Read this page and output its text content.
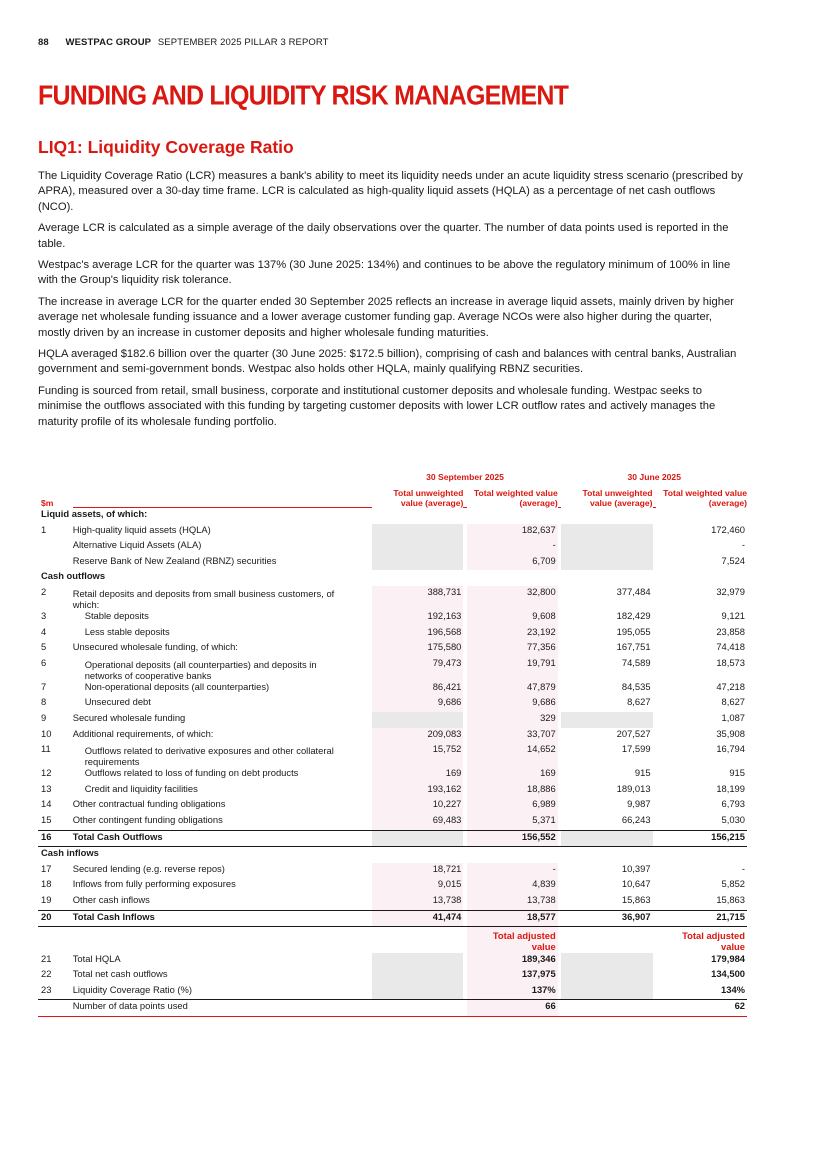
88 WESTPAC GROUP SEPTEMBER 2025 PILLAR 3 REPORT
FUNDING AND LIQUIDITY RISK MANAGEMENT
LIQ1: Liquidity Coverage Ratio

The Liquidity Coverage Ratio (LCR) measures a bank's ability to meet its liquidity needs under an acute liquidity stress scenario (prescribed by APRA), measured over a 30-day time frame. LCR is calculated as high-quality liquid assets (HQLA) as a percentage of net cash outflows (NCO).

Average LCR is calculated as a simple average of the daily observations over the quarter. The number of data points used is reported in the table.

Westpac's average LCR for the quarter was 137% (30 June 2025: 134%) and continues to be above the regulatory minimum of 100% in line with the Group's liquidity risk tolerance.

The increase in average LCR for the quarter ended 30 September 2025 reflects an increase in average liquid assets, mainly driven by higher average net wholesale funding issuance and a lower average customer funding gap. Average NCOs were also higher during the quarter, mostly driven by an increase in customer deposits and higher wholesale funding maturities.

HQLA averaged $182.6 billion over the quarter (30 June 2025: $172.5 billion), comprising of cash and balances with central banks, Australian government and semi-government bonds. Westpac also holds other HQLA, mainly qualifying RBNZ securities.

Funding is sourced from retail, small business, corporate and institutional customer deposits and wholesale funding. Westpac seeks to minimise the outflows associated with this funding by targeting customer deposits with lower LCR outflow rates and actively manages the maturity profile of its wholesale funding portfolio.

			30 September 2025				30 June 2025		
$m			Total unweighted value (average)		Total weighted value (average)		Total unweighted value (average)		Total weighted value (average)
Liquid assets, of which:									
1	High-quality liquid assets (HQLA)				182,637				172,460
	Alternative Liquid Assets (ALA)				-				-
	Reserve Bank of New Zealand (RBNZ) securities				6,709				7,524
Cash outflows									
2	Retail deposits and deposits from small business customers, of which:		388,731		32,800		377,484		32,979
3	Stable deposits		192,163		9,608		182,429		9,121
4	Less stable deposits		196,568		23,192		195,055		23,858
5	Unsecured wholesale funding, of which:		175,580		77,356		167,751		74,418
6	Operational deposits (all counterparties) and deposits in networks of cooperative banks		79,473		19,791		74,589		18,573
7	Non-operational deposits (all counterparties)		86,421		47,879		84,535		47,218
8	Unsecured debt		9,686		9,686		8,627		8,627
9	Secured wholesale funding				329				1,087
10	Additional requirements, of which:		209,083		33,707		207,527		35,908
11	Outflows related to derivative exposures and other collateral requirements		15,752		14,652		17,599		16,794
12	Outflows related to loss of funding on debt products		169		169		915		915
13	Credit and liquidity facilities		193,162		18,886		189,013		18,199
14	Other contractual funding obligations		10,227		6,989		9,987		6,793
15	Other contingent funding obligations		69,483		5,371		66,243		5,030
16	Total Cash Outflows				156,552				156,215
Cash inflows									
17	Secured lending (e.g. reverse repos)		18,721		-		10,397		-
18	Inflows from fully performing exposures		9,015		4,839		10,647		5,852
19	Other cash inflows		13,738		13,738		15,863		15,863
20	Total Cash Inflows		41,474		18,577		36,907		21,715
					Total adjusted value				Total adjusted value
21	Total HQLA				189,346				179,984
22	Total net cash outflows				137,975				134,500
23	Liquidity Coverage Ratio (%)				137%				134%
	Number of data points used				66				62
